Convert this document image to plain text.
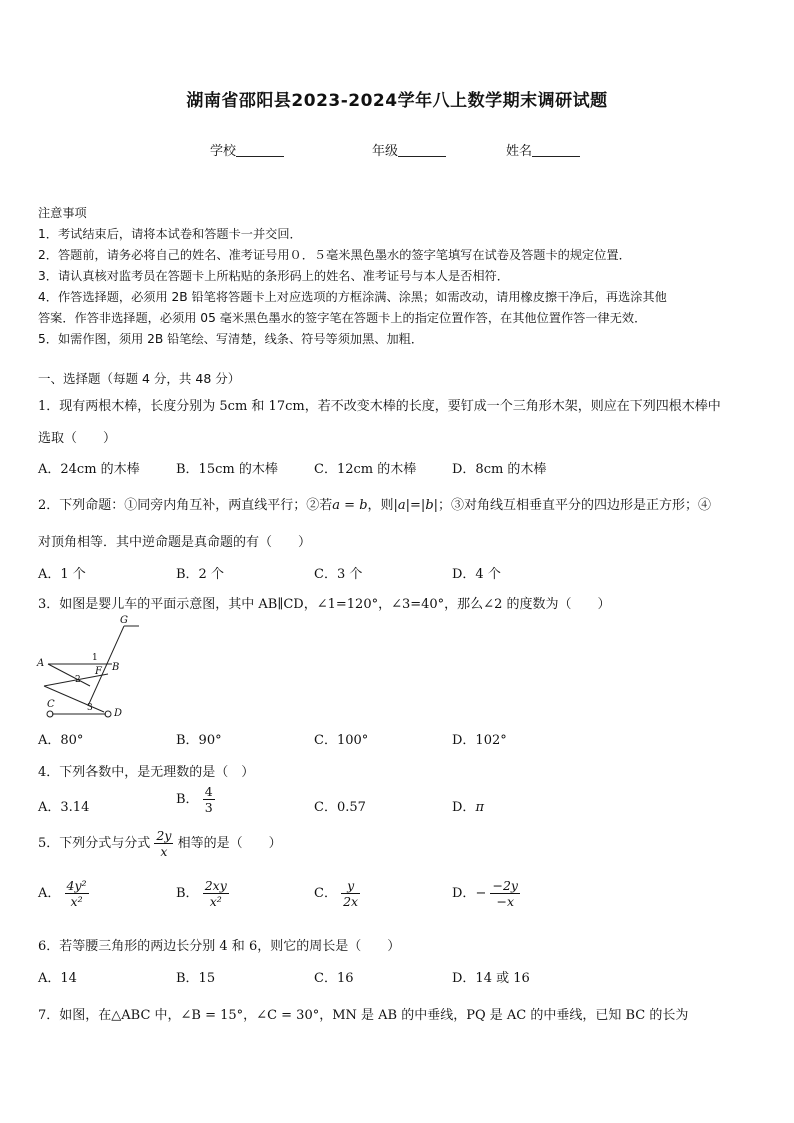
湖南省邵阳县2023-2024学年八上数学期末调研试题
学校	年级	姓名
注意事项
1．考试结束后，请将本试卷和答题卡一并交回．
2．答题前，请务必将自己的姓名、准考证号用０．５毫米黑色墨水的签字笔填写在试卷及答题卡的规定位置．
3．请认真核对监考员在答题卡上所粘贴的条形码上的姓名、准考证号与本人是否相符．
4．作答选择题，必须用 2B 铅笔将答题卡上对应选项的方框涂满、涂黑；如需改动，请用橡皮擦干净后，再选涂其他
答案．作答非选择题，必须用 05 毫米黑色墨水的签字笔在答题卡上的指定位置作答，在其他位置作答一律无效．
5．如需作图，须用 2B 铅笔绘、写清楚，线条、符号等须加黑、加粗．
一、选择题（每题 4 分，共 48 分）
1．现有两根木棒，长度分别为 5cm 和 17cm，若不改变木棒的长度，要钉成一个三角形木架，则应在下列四根木棒中
选取（　　）
A．24cm 的木棒	B．15cm 的木棒	C．12cm 的木棒	D．8cm 的木棒
2．下列命题：①同旁内角互补，两直线平行；②若a = b，则|a|=|b|；③对角线互相垂直平分的四边形是正方形；④
对顶角相等．其中逆命题是真命题的有（　　）
A．1 个	B．2 个	C．3 个	D．4 个
3．如图是婴儿车的平面示意图，其中 AB∥CD，∠1=120°，∠3=40°，那么∠2 的度数为（　　）
G
A	B
F
C
D
1
2
3
A．80°	B．90°	C．100°	D．102°
4．下列各数中，是无理数的是（　）
A．3.14
B． $\frac{4}{3}$	C．0.57	D．π
5．下列分式与分式 $\frac{2y}{x}$ 相等的是（　　）
A． $\frac{\text{4y²}}{\text{x²}}$	B． $\frac{2xy}{\text{x²}}$	C． $\frac{y}{2x}$	D．− $\frac{-2y}{-x}$
6．若等腰三角形的两边长分别 4 和 6，则它的周长是（　　）
A．14	B．15	C．16	D．14 或 16
7．如图，在△ABC 中，∠B = 15°，∠C = 30°，MN 是 AB 的中垂线，PQ 是 AC 的中垂线，已知 BC 的长为
